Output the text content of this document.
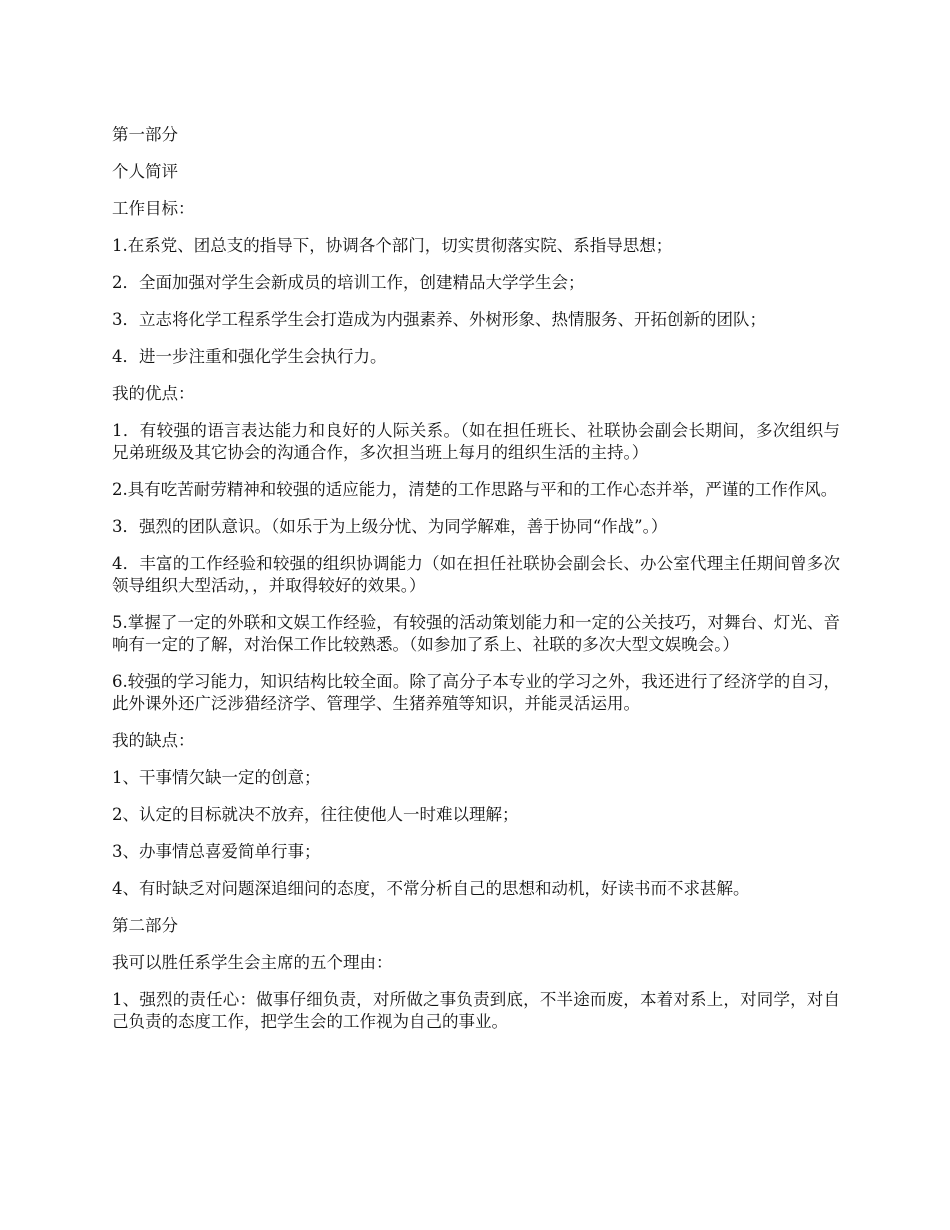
第一部分

个人简评

工作目标：

1.在系党、团总支的指导下，协调各个部门，切实贯彻落实院、系指导思想；

2．全面加强对学生会新成员的培训工作，创建精品大学学生会；

3．立志将化学工程系学生会打造成为内强素养、外树形象、热情服务、开拓创新的团队；

4．进一步注重和强化学生会执行力。

我的优点：

1．有较强的语言表达能力和良好的人际关系。（如在担任班长、社联协会副会长期间，多次组织与兄弟班级及其它协会的沟通合作，多次担当班上每月的组织生活的主持。）

2.具有吃苦耐劳精神和较强的适应能力，清楚的工作思路与平和的工作心态并举，严谨的工作作风。

3．强烈的团队意识。（如乐于为上级分忧、为同学解难，善于协同“作战”。）

4．丰富的工作经验和较强的组织协调能力（如在担任社联协会副会长、办公室代理主任期间曾多次领导组织大型活动，，并取得较好的效果。）

5.掌握了一定的外联和文娱工作经验，有较强的活动策划能力和一定的公关技巧，对舞台、灯光、音响有一定的了解，对治保工作比较熟悉。（如参加了系上、社联的多次大型文娱晚会。）

6.较强的学习能力，知识结构比较全面。除了高分子本专业的学习之外，我还进行了经济学的自习，此外课外还广泛涉猎经济学、管理学、生猪养殖等知识，并能灵活运用。

我的缺点：

1、干事情欠缺一定的创意；

2、认定的目标就决不放弃，往往使他人一时难以理解；

3、办事情总喜爱简单行事；

4、有时缺乏对问题深追细问的态度，不常分析自己的思想和动机，好读书而不求甚解。

第二部分

我可以胜任系学生会主席的五个理由：

1、强烈的责任心：做事仔细负责，对所做之事负责到底，不半途而废，本着对系上，对同学，对自己负责的态度工作，把学生会的工作视为自己的事业。
